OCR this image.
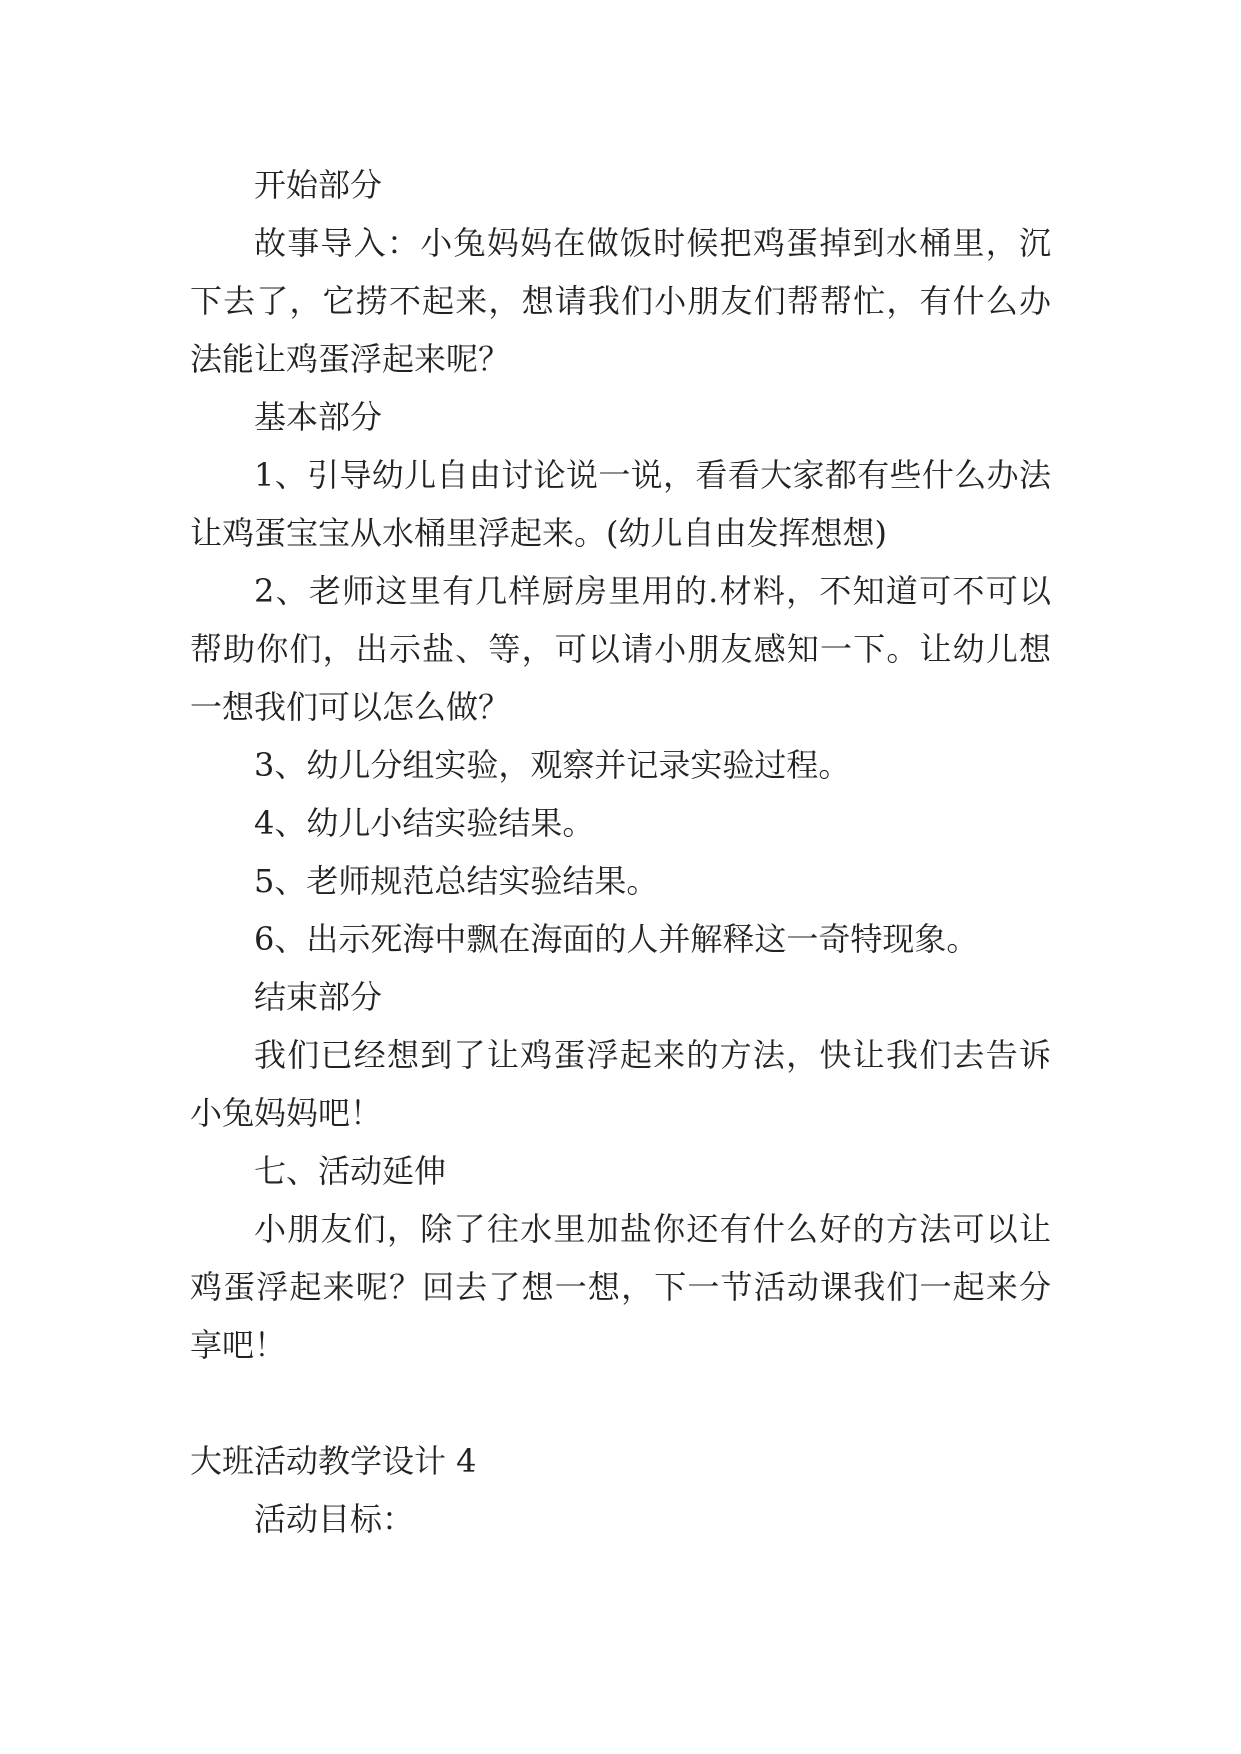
开始部分

故事导入：小兔妈妈在做饭时候把鸡蛋掉到水桶里，沉下去了，它捞不起来，想请我们小朋友们帮帮忙，有什么办法能让鸡蛋浮起来呢？

基本部分

1、引导幼儿自由讨论说一说，看看大家都有些什么办法让鸡蛋宝宝从水桶里浮起来。(幼儿自由发挥想想)

2、老师这里有几样厨房里用的.材料，不知道可不可以帮助你们，出示盐、等，可以请小朋友感知一下。让幼儿想一想我们可以怎么做？

3、幼儿分组实验，观察并记录实验过程。

4、幼儿小结实验结果。

5、老师规范总结实验结果。

6、出示死海中飘在海面的人并解释这一奇特现象。

结束部分

我们已经想到了让鸡蛋浮起来的方法，快让我们去告诉小兔妈妈吧！

七、活动延伸

小朋友们，除了往水里加盐你还有什么好的方法可以让鸡蛋浮起来呢？回去了想一想，下一节活动课我们一起来分享吧！

大班活动教学设计 4

活动目标：
